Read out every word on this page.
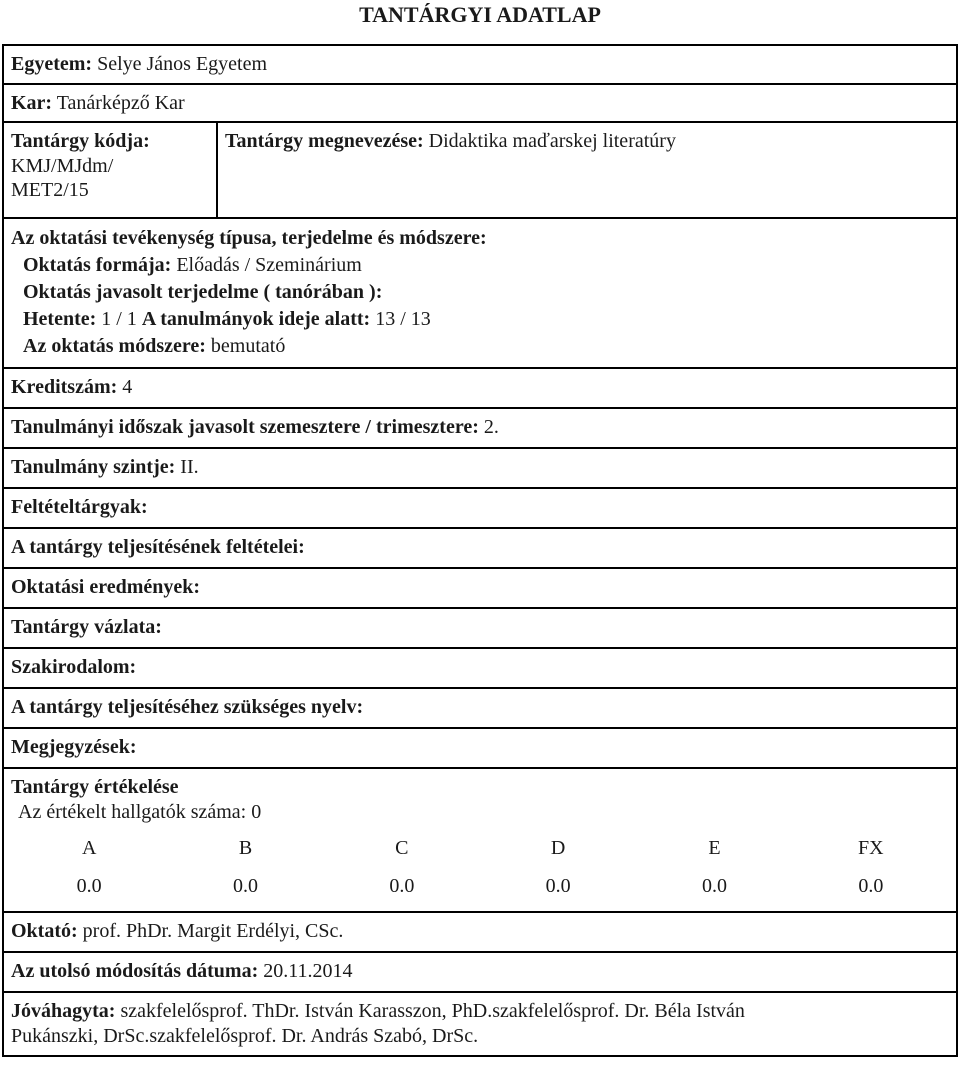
TANTÁRGYI ADATLAP
Egyetem: Selye János Egyetem
Kar: Tanárképző Kar

Tantárgy kódja:
KMJ/MJdm/
MET2/15
	Tantárgy megnevezése: Didaktika maďarskej literatúry

Az oktatási tevékenység típusa, terjedelme és módszere:
Oktatás formája: Előadás / Szeminárium
Oktatás javasolt terjedelme ( tanórában ):
Hetente: 1 / 1 A tanulmányok ideje alatt: 13 / 13
Az oktatás módszere: bemutató

Kreditszám: 4
Tanulmányi időszak javasolt szemesztere / trimesztere: 2.
Tanulmány szintje: II.
Feltételtárgyak:
A tantárgy teljesítésének feltételei:
Oktatási eredmények:
Tantárgy vázlata:
Szakirodalom:
A tantárgy teljesítéséhez szükséges nyelv:
Megjegyzések:

Tantárgy értékelése
Az értékelt hallgatók száma: 0
A	B	C	D	E	FX
0.0	0.0	0.0	0.0	0.0	0.0

Oktató: prof. PhDr. Margit Erdélyi, CSc.
Az utolsó módosítás dátuma: 20.11.2014

Jóváhagyta: szakfelelősprof. ThDr. István Karasszon, PhD.szakfelelősprof. Dr. Béla István
Pukánszki, DrSc.szakfelelősprof. Dr. András Szabó, DrSc.
